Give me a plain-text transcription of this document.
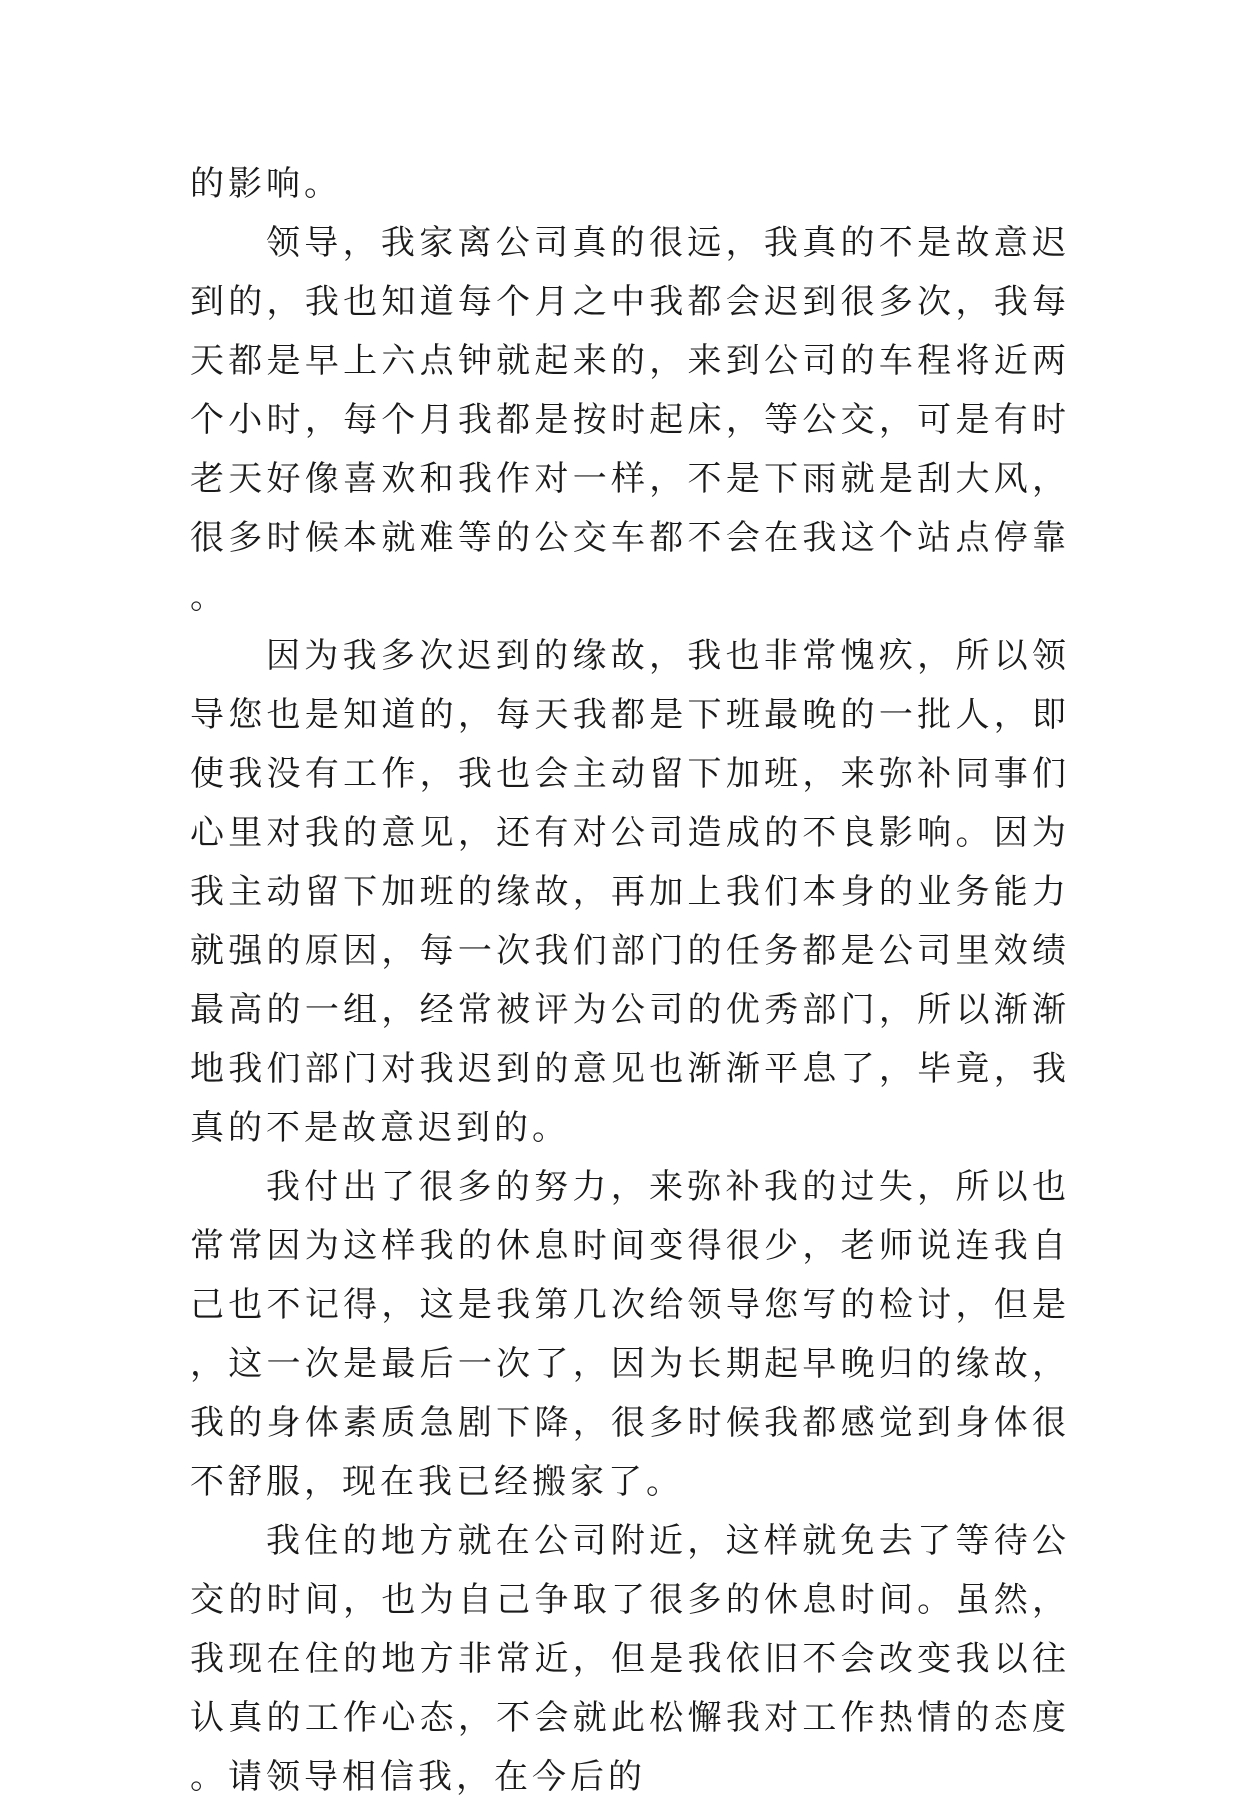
的影响。

领导，我家离公司真的很远，我真的不是故意迟到的，我也知道每个月之中我都会迟到很多次，我每天都是早上六点钟就起来的，来到公司的车程将近两个小时，每个月我都是按时起床，等公交，可是有时老天好像喜欢和我作对一样，不是下雨就是刮大风，很多时候本就难等的公交车都不会在我这个站点停靠。

因为我多次迟到的缘故，我也非常愧疚，所以领导您也是知道的，每天我都是下班最晚的一批人，即使我没有工作，我也会主动留下加班，来弥补同事们心里对我的意见，还有对公司造成的不良影响。因为我主动留下加班的缘故，再加上我们本身的业务能力就强的原因，每一次我们部门的任务都是公司里效绩最高的一组，经常被评为公司的优秀部门，所以渐渐地我们部门对我迟到的意见也渐渐平息了，毕竟，我真的不是故意迟到的。

我付出了很多的努力，来弥补我的过失，所以也常常因为这样我的休息时间变得很少，老师说连我自己也不记得，这是我第几次给领导您写的检讨，但是，这一次是最后一次了，因为长期起早晚归的缘故，我的身体素质急剧下降，很多时候我都感觉到身体很不舒服，现在我已经搬家了。

我住的地方就在公司附近，这样就免去了等待公交的时间，也为自己争取了很多的休息时间。虽然，我现在住的地方非常近，但是我依旧不会改变我以往认真的工作心态，不会就此松懈我对工作热情的态度。请领导相信我，在今后的
